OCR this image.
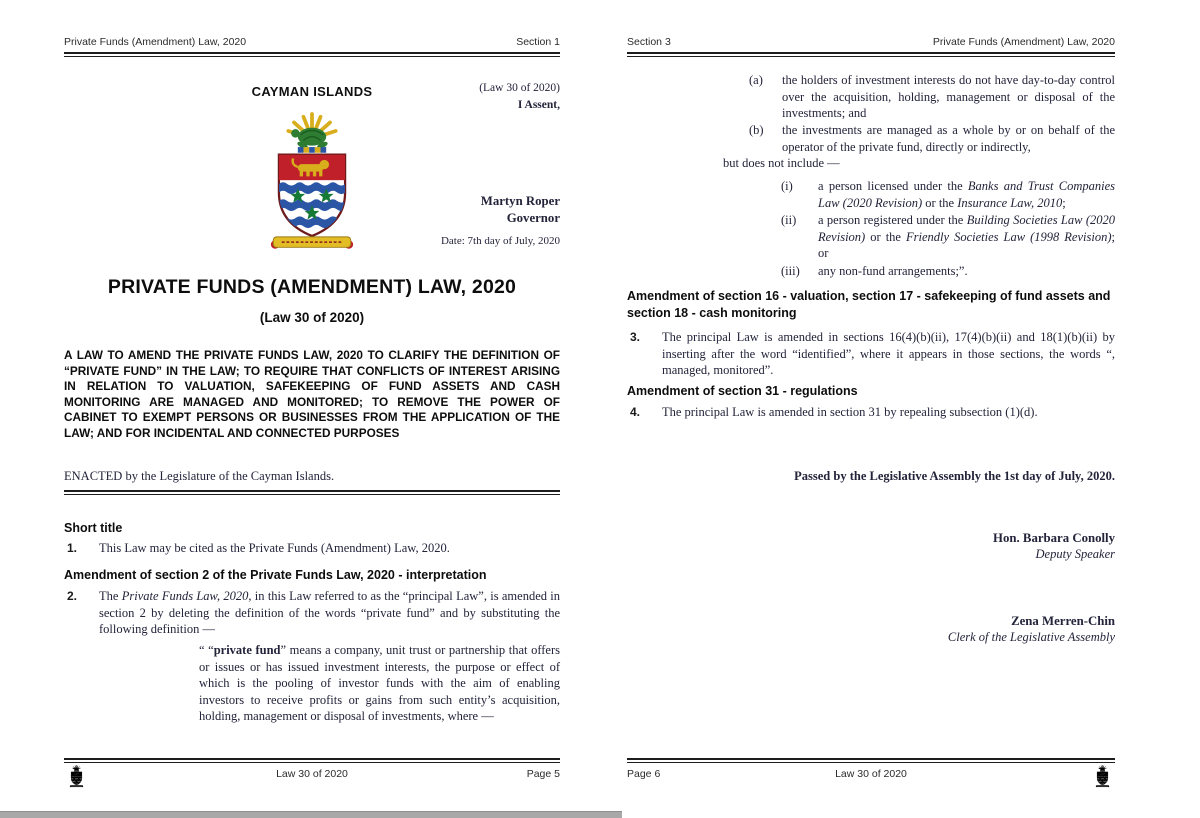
Private Funds (Amendment) Law, 2020	Section 1
CAYMAN ISLANDS	(Law 30 of 2020)
I Assent,
Martyn Roper
Governor
Date: 7th day of July, 2020
PRIVATE FUNDS (AMENDMENT) LAW, 2020
(Law 30 of 2020)
A LAW TO AMEND THE PRIVATE FUNDS LAW, 2020 TO CLARIFY THE DEFINITION OF “PRIVATE FUND” IN THE LAW; TO REQUIRE THAT CONFLICTS OF INTEREST ARISING IN RELATION TO VALUATION, SAFEKEEPING OF FUND ASSETS AND CASH MONITORING ARE MANAGED AND MONITORED; TO REMOVE THE POWER OF CABINET TO EXEMPT PERSONS OR BUSINESSES FROM THE APPLICATION OF THE LAW; AND FOR INCIDENTAL AND CONNECTED PURPOSES
ENACTED by the Legislature of the Cayman Islands.
Short title
1. This Law may be cited as the Private Funds (Amendment) Law, 2020.
Amendment of section 2 of the Private Funds Law, 2020 - interpretation
2. The Private Funds Law, 2020, in this Law referred to as the “principal Law”, is amended in section 2 by deleting the definition of the words “private fund” and by substituting the following definition —
“ “private fund” means a company, unit trust or partnership that offers or issues or has issued investment interests, the purpose or effect of which is the pooling of investor funds with the aim of enabling investors to receive profits or gains from such entity’s acquisition, holding, management or disposal of investments, where —
Law 30 of 2020	Page 5
Section 3	Private Funds (Amendment) Law, 2020
(a) the holders of investment interests do not have day-to-day control over the acquisition, holding, management or disposal of the investments; and
(b) the investments are managed as a whole by or on behalf of the operator of the private fund, directly or indirectly,
but does not include —
(i) a person licensed under the Banks and Trust Companies Law (2020 Revision) or the Insurance Law, 2010;
(ii) a person registered under the Building Societies Law (2020 Revision) or the Friendly Societies Law (1998 Revision); or
(iii) any non-fund arrangements;”.
Amendment of section 16 - valuation, section 17 - safekeeping of fund assets and section 18 - cash monitoring
3. The principal Law is amended in sections 16(4)(b)(ii), 17(4)(b)(ii) and 18(1)(b)(ii) by inserting after the word “identified”, where it appears in those sections, the words “, managed, monitored”.
Amendment of section 31 - regulations
4. The principal Law is amended in section 31 by repealing subsection (1)(d).
Passed by the Legislative Assembly the 1st day of July, 2020.
Hon. Barbara Conolly
Deputy Speaker
Zena Merren-Chin
Clerk of the Legislative Assembly
Page 6	Law 30 of 2020
